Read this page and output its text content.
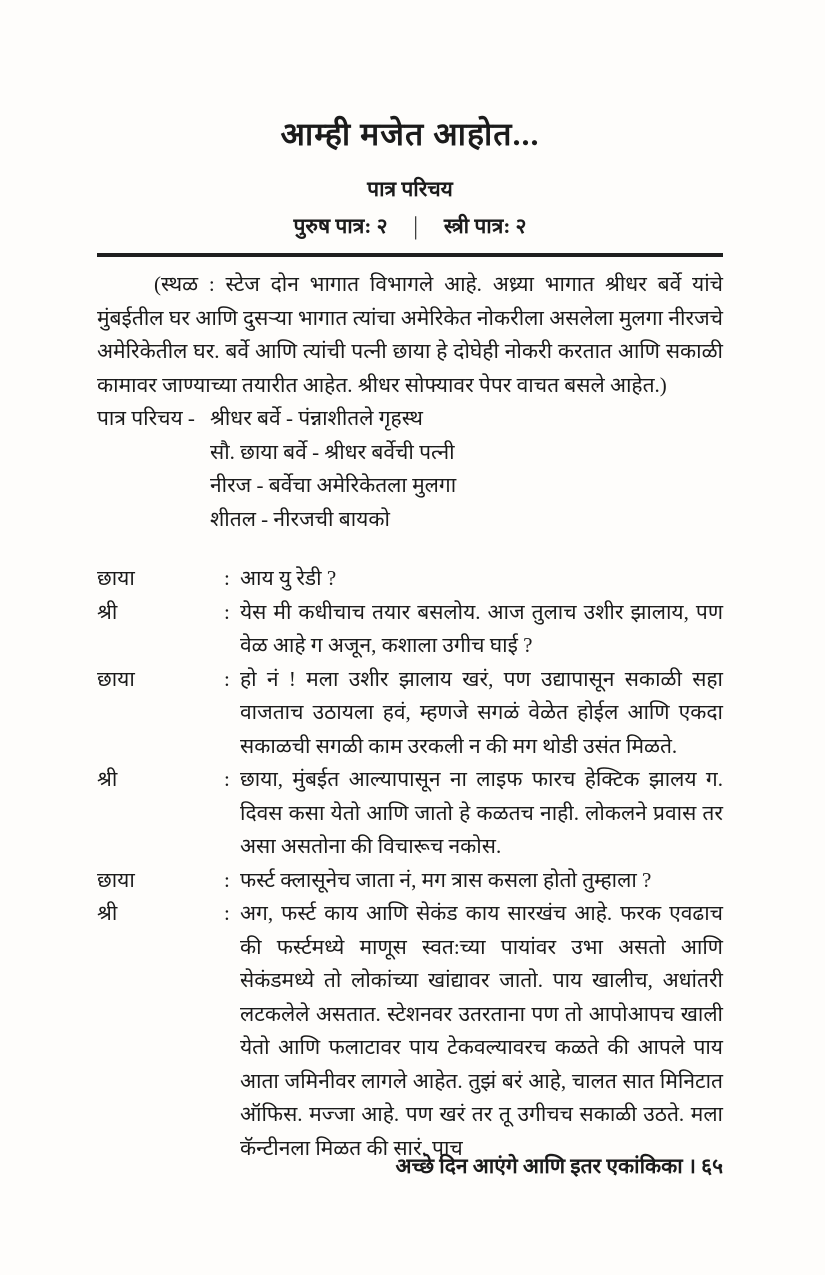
आम्ही मजेत आहोत...
पात्र परिचय
पुरुष पात्र: २ | स्त्री पात्र: २
(स्थळ : स्टेज दोन भागात विभागले आहे. अध्र्या भागात श्रीधर बर्वे यांचे मुंबईतील घर आणि दुसऱ्या भागात त्यांचा अमेरिकेत नोकरीला असलेला मुलगा नीरजचे अमेरिकेतील घर. बर्वे आणि त्यांची पत्नी छाया हे दोघेही नोकरी करतात आणि सकाळी कामावर जाण्याच्या तयारीत आहेत. श्रीधर सोफ्यावर पेपर वाचत बसले आहेत.)
पात्र परिचय - श्रीधर बर्वे - पंन्नाशीतले गृहस्थ
सौ. छाया बर्वे - श्रीधर बर्वेची पत्नी
नीरज - बर्वेचा अमेरिकेतला मुलगा
शीतल - नीरजची बायको
छाया	: आय यु रेडी ?
श्री	: येस मी कधीचाच तयार बसलोय. आज तुलाच उशीर झालाय, पण वेळ आहे ग अजून, कशाला उगीच घाई ?
छाया	: हो नं ! मला उशीर झालाय खरं, पण उद्यापासून सकाळी सहा वाजताच उठायला हवं, म्हणजे सगळं वेळेत होईल आणि एकदा सकाळची सगळी काम उरकली न की मग थोडी उसंत मिळते.
श्री	: छाया, मुंबईत आल्यापासून ना लाइफ फारच हेक्टिक झालय ग. दिवस कसा येतो आणि जातो हे कळतच नाही. लोकलने प्रवास तर असा असतोना की विचारूच नकोस.
छाया	: फर्स्ट क्लासूनेच जाता नं, मग त्रास कसला होतो तुम्हाला ?
श्री	: अग, फर्स्ट काय आणि सेकंड काय सारखंच आहे. फरक एवढाच की फर्स्टमध्ये माणूस स्वत:च्या पायांवर उभा असतो आणि सेकंडमध्ये तो लोकांच्या खांद्यावर जातो. पाय खालीच, अधांतरी लटकलेले असतात. स्टेशनवर उतरताना पण तो आपोआपच खाली येतो आणि फलाटावर पाय टेकवल्यावरच कळते की आपले पाय आता जमिनीवर लागले आहेत. तुझं बरं आहे, चालत सात मिनिटात ऑफिस. मज्जा आहे. पण खरं तर तू उगीचच सकाळी उठते. मला कॅन्टीनला मिळत की सारं. पाच
अच्छे दिन आएंगे आणि इतर एकांकिका । ६५
